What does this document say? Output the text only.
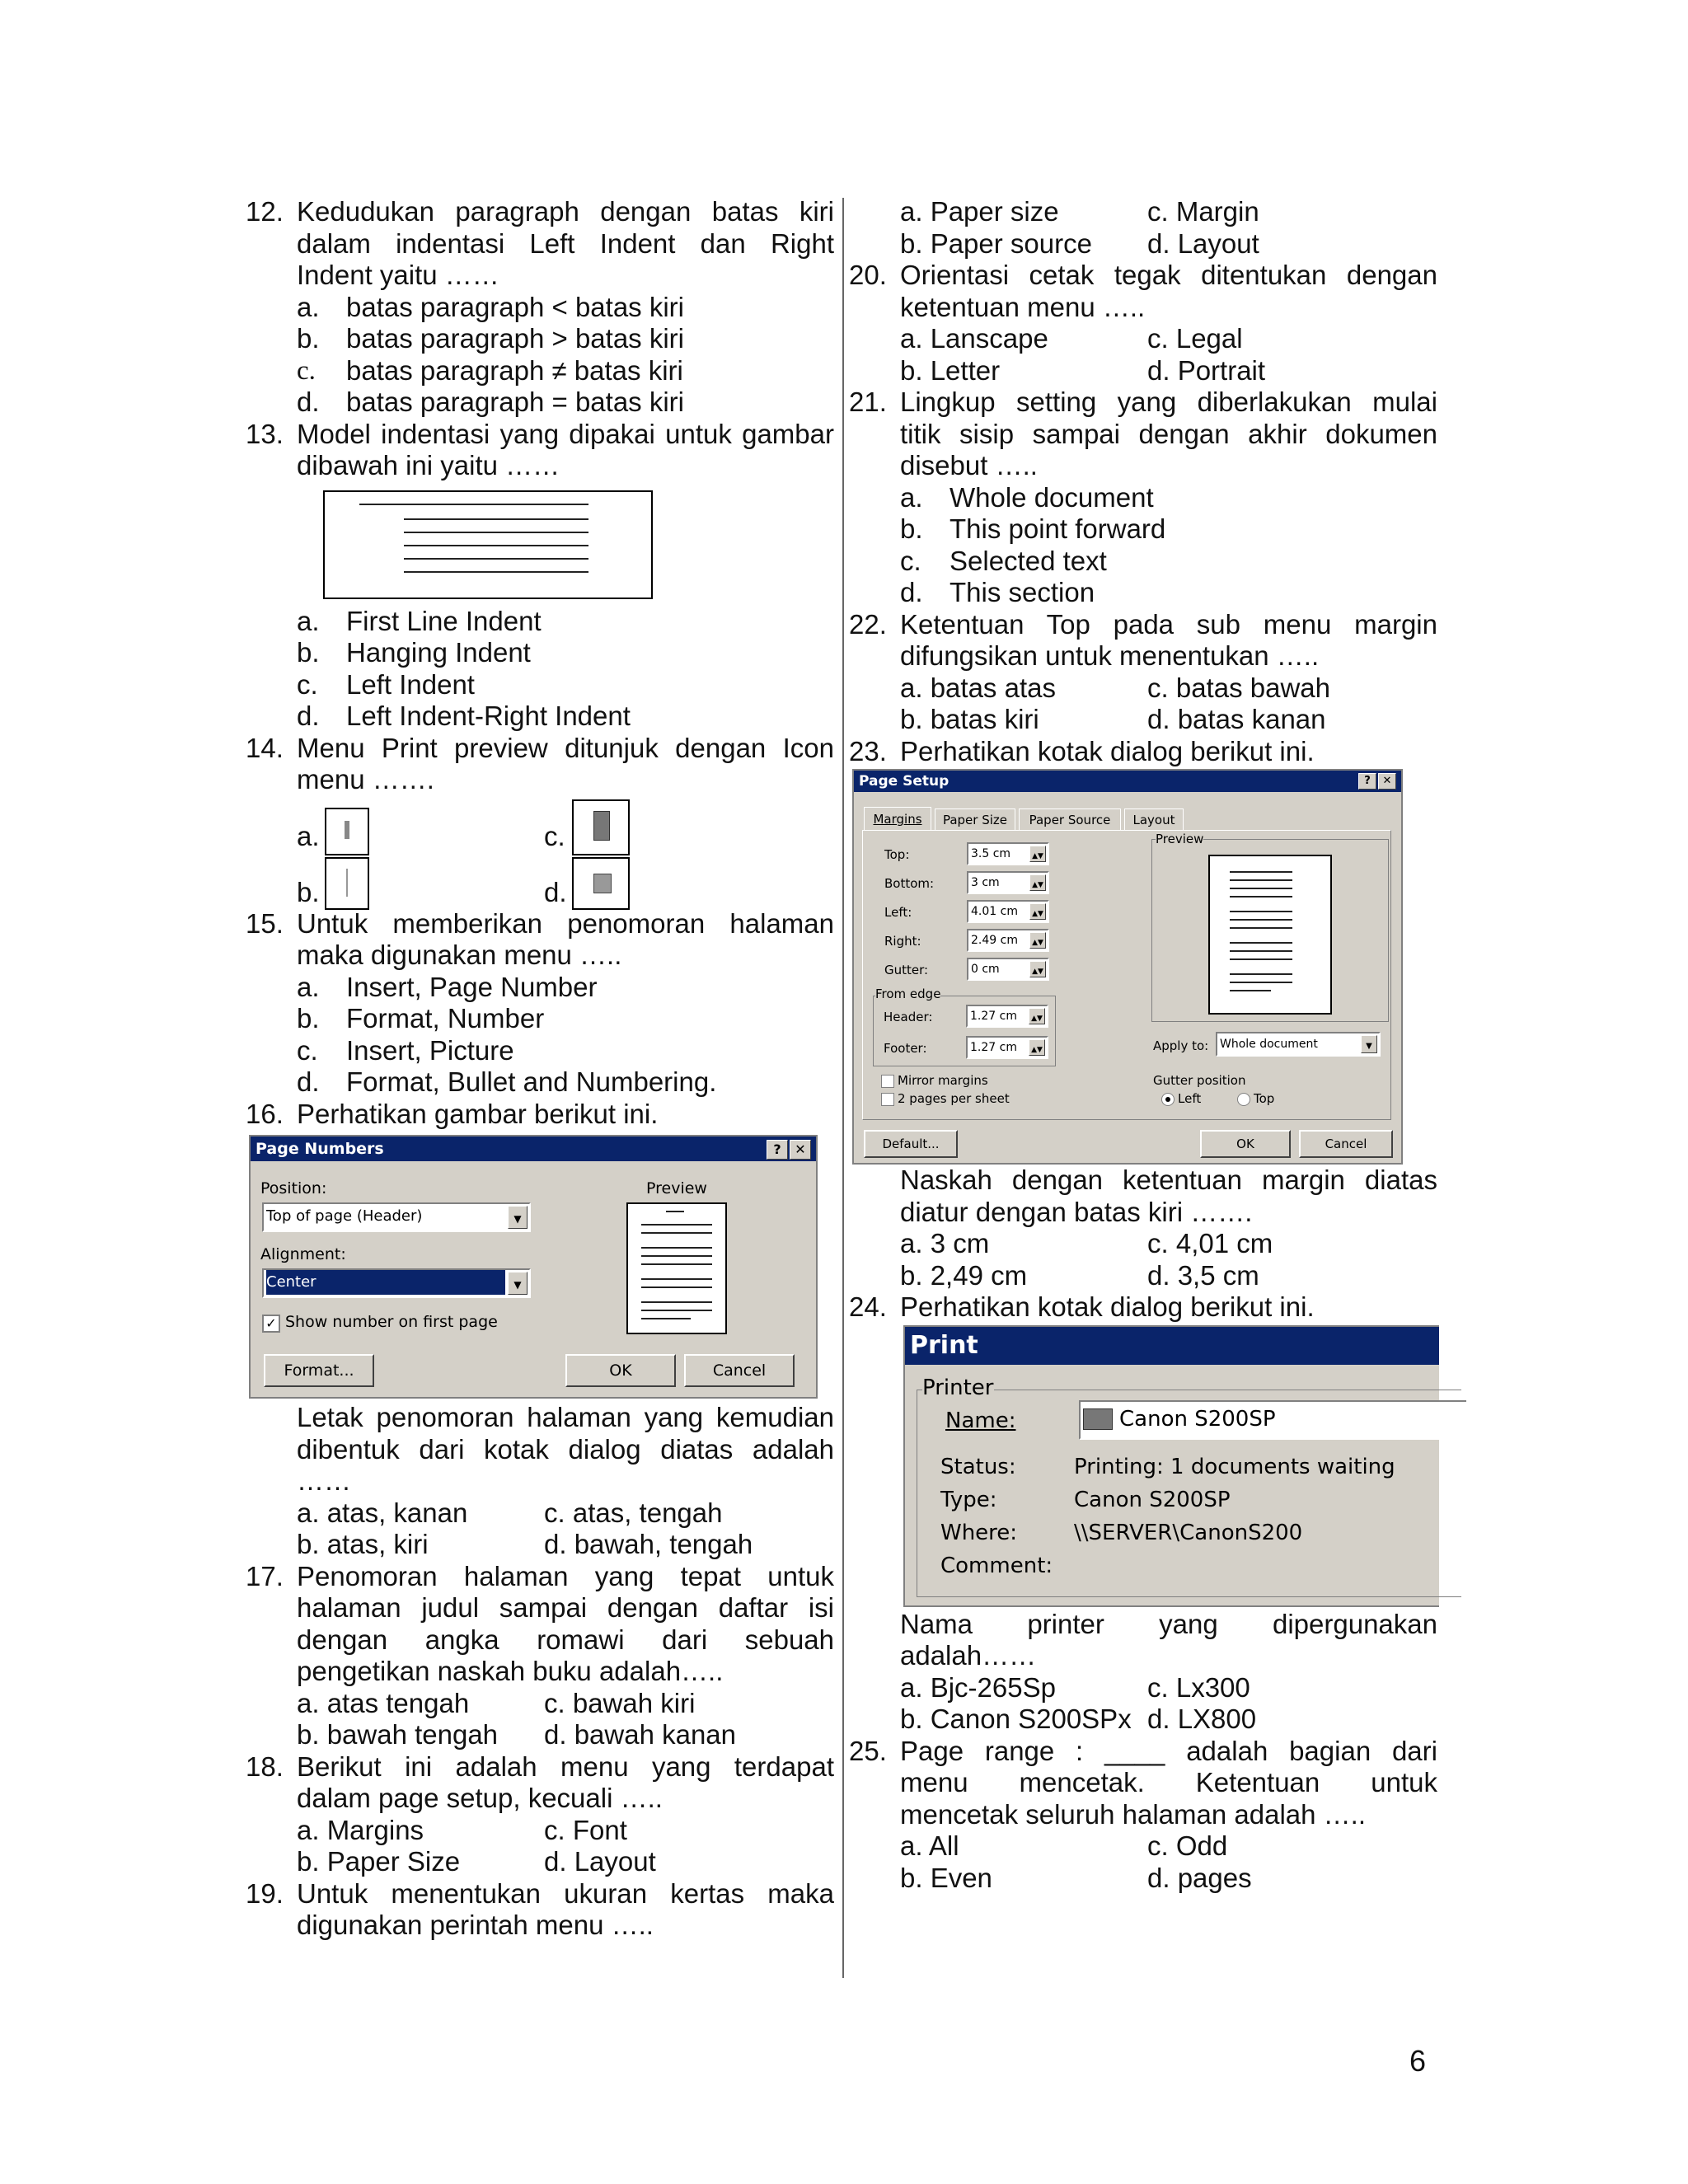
12. Kedudukan paragraph dengan batas kiri
dalam indentasi Left Indent dan Right
Indent yaitu ……
a. batas paragraph < batas kiri
b. batas paragraph > batas kiri
c. batas paragraph ≠ batas kiri
d. batas paragraph = batas kiri
13. Model indentasi yang dipakai untuk gambar
dibawah ini yaitu ……
a. First Line Indent
b. Hanging Indent
c. Left Indent
d. Left Indent-Right Indent
14. Menu Print preview ditunjuk dengan Icon
menu …….
a.	c.
b.	d.
15. Untuk memberikan penomoran halaman
maka digunakan menu …..
a. Insert, Page Number
b. Format, Number
c. Insert, Picture
d. Format, Bullet and Numbering.
16. Perhatikan gambar berikut ini.
Page Numbers	?	✕
Position:
Top of page (Header)	▼
Alignment:
Center	▼
✓ Show number on first page
Preview
Format...	OK	Cancel
Letak penomoran halaman yang kemudian
dibentuk dari kotak dialog diatas adalah
……
a. atas, kanan	c. atas, tengah
b. atas, kiri	d. bawah, tengah
17. Penomoran halaman yang tepat untuk
halaman judul sampai dengan daftar isi
dengan angka romawi dari sebuah
pengetikan naskah buku adalah…..
a. atas tengah	c. bawah kiri
b. bawah tengah d. bawah kanan
18. Berikut ini adalah menu yang terdapat
dalam page setup, kecuali …..
a. Margins	c. Font
b. Paper Size	d. Layout
19. Untuk menentukan ukuran kertas maka
digunakan perintah menu …..
a. Paper size	c. Margin
b. Paper source d. Layout
20. Orientasi cetak tegak ditentukan dengan
ketentuan menu …..
a. Lanscape	c. Legal
b. Letter	d. Portrait
21. Lingkup setting yang diberlakukan mulai
titik sisip sampai dengan akhir dokumen
disebut …..
a. Whole document
b. This point forward
c. Selected text
d. This section
22. Ketentuan Top pada sub menu margin
difungsikan untuk menentukan …..
a. batas atas	c. batas bawah
b. batas kiri	d. batas kanan
23. Perhatikan kotak dialog berikut ini.
Page Setup	?	✕
Margins	Paper Size	Paper Source	Layout
Top:	3.5 cm	▲▼
Bottom:	3 cm	▲▼
Left:	4.01 cm	▲▼
Right:	2.49 cm	▲▼
Gutter:	0 cm	▲▼
From edge
Header:	1.27 cm	▲▼
Footer:	1.27 cm	▲▼
Mirror margins
2 pages per sheet
Preview
Apply to: Whole document	▼
Gutter position
Left	Top
Default...	OK	Cancel
Naskah dengan ketentuan margin diatas
diatur dengan batas kiri …….
a. 3 cm	c. 4,01 cm
b. 2,49 cm	d. 3,5 cm
24. Perhatikan kotak dialog berikut ini.
Print
Printer
Name:	Canon S200SP
Status:	Printing: 1 documents waiting
Type:	Canon S200SP
Where:	\\SERVER\CanonS200
Comment:
Nama printer yang dipergunakan
adalah……
a. Bjc-265Sp	c. Lx300
b. Canon S200SPx d. LX800
25. Page range : ____ adalah bagian dari
menu mencetak. Ketentuan untuk
mencetak seluruh halaman adalah …..
a. All	c. Odd
b. Even	d. pages
6
